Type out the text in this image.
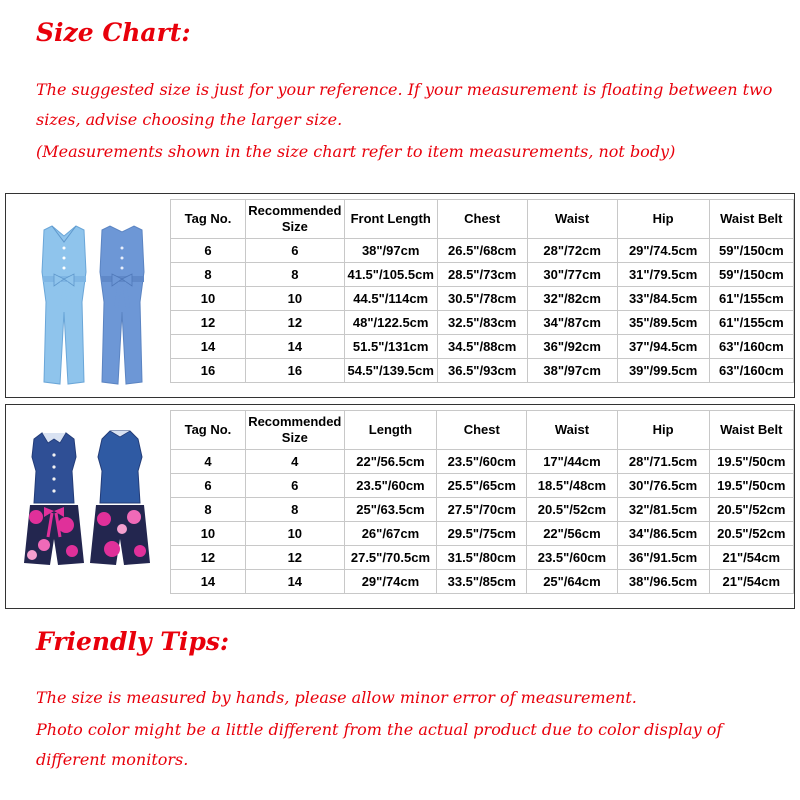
Size Chart:

The suggested size is just for your reference. If your measurement is floating between two

sizes, advise choosing the larger size.

(Measurements shown in the size chart refer to item measurements, not body)

Tag No.	Recommended Size	Front Length	Chest	Waist	Hip	Waist Belt
6	6	38"/97cm	26.5"/68cm	28"/72cm	29"/74.5cm	59"/150cm
8	8	41.5"/105.5cm	28.5"/73cm	30"/77cm	31"/79.5cm	59"/150cm
10	10	44.5"/114cm	30.5"/78cm	32"/82cm	33"/84.5cm	61"/155cm
12	12	48"/122.5cm	32.5"/83cm	34"/87cm	35"/89.5cm	61"/155cm
14	14	51.5"/131cm	34.5"/88cm	36"/92cm	37"/94.5cm	63"/160cm
16	16	54.5"/139.5cm	36.5"/93cm	38"/97cm	39"/99.5cm	63"/160cm
Tag No.	Recommended Size	Length	Chest	Waist	Hip	Waist Belt
4	4	22"/56.5cm	23.5"/60cm	17"/44cm	28"/71.5cm	19.5"/50cm
6	6	23.5"/60cm	25.5"/65cm	18.5"/48cm	30"/76.5cm	19.5"/50cm
8	8	25"/63.5cm	27.5"/70cm	20.5"/52cm	32"/81.5cm	20.5"/52cm
10	10	26"/67cm	29.5"/75cm	22"/56cm	34"/86.5cm	20.5"/52cm
12	12	27.5"/70.5cm	31.5"/80cm	23.5"/60cm	36"/91.5cm	21"/54cm
14	14	29"/74cm	33.5"/85cm	25"/64cm	38"/96.5cm	21"/54cm
Friendly Tips:

The size is measured by hands, please allow minor error of measurement.

Photo color might be a little different from the actual product due to color display of

different monitors.
